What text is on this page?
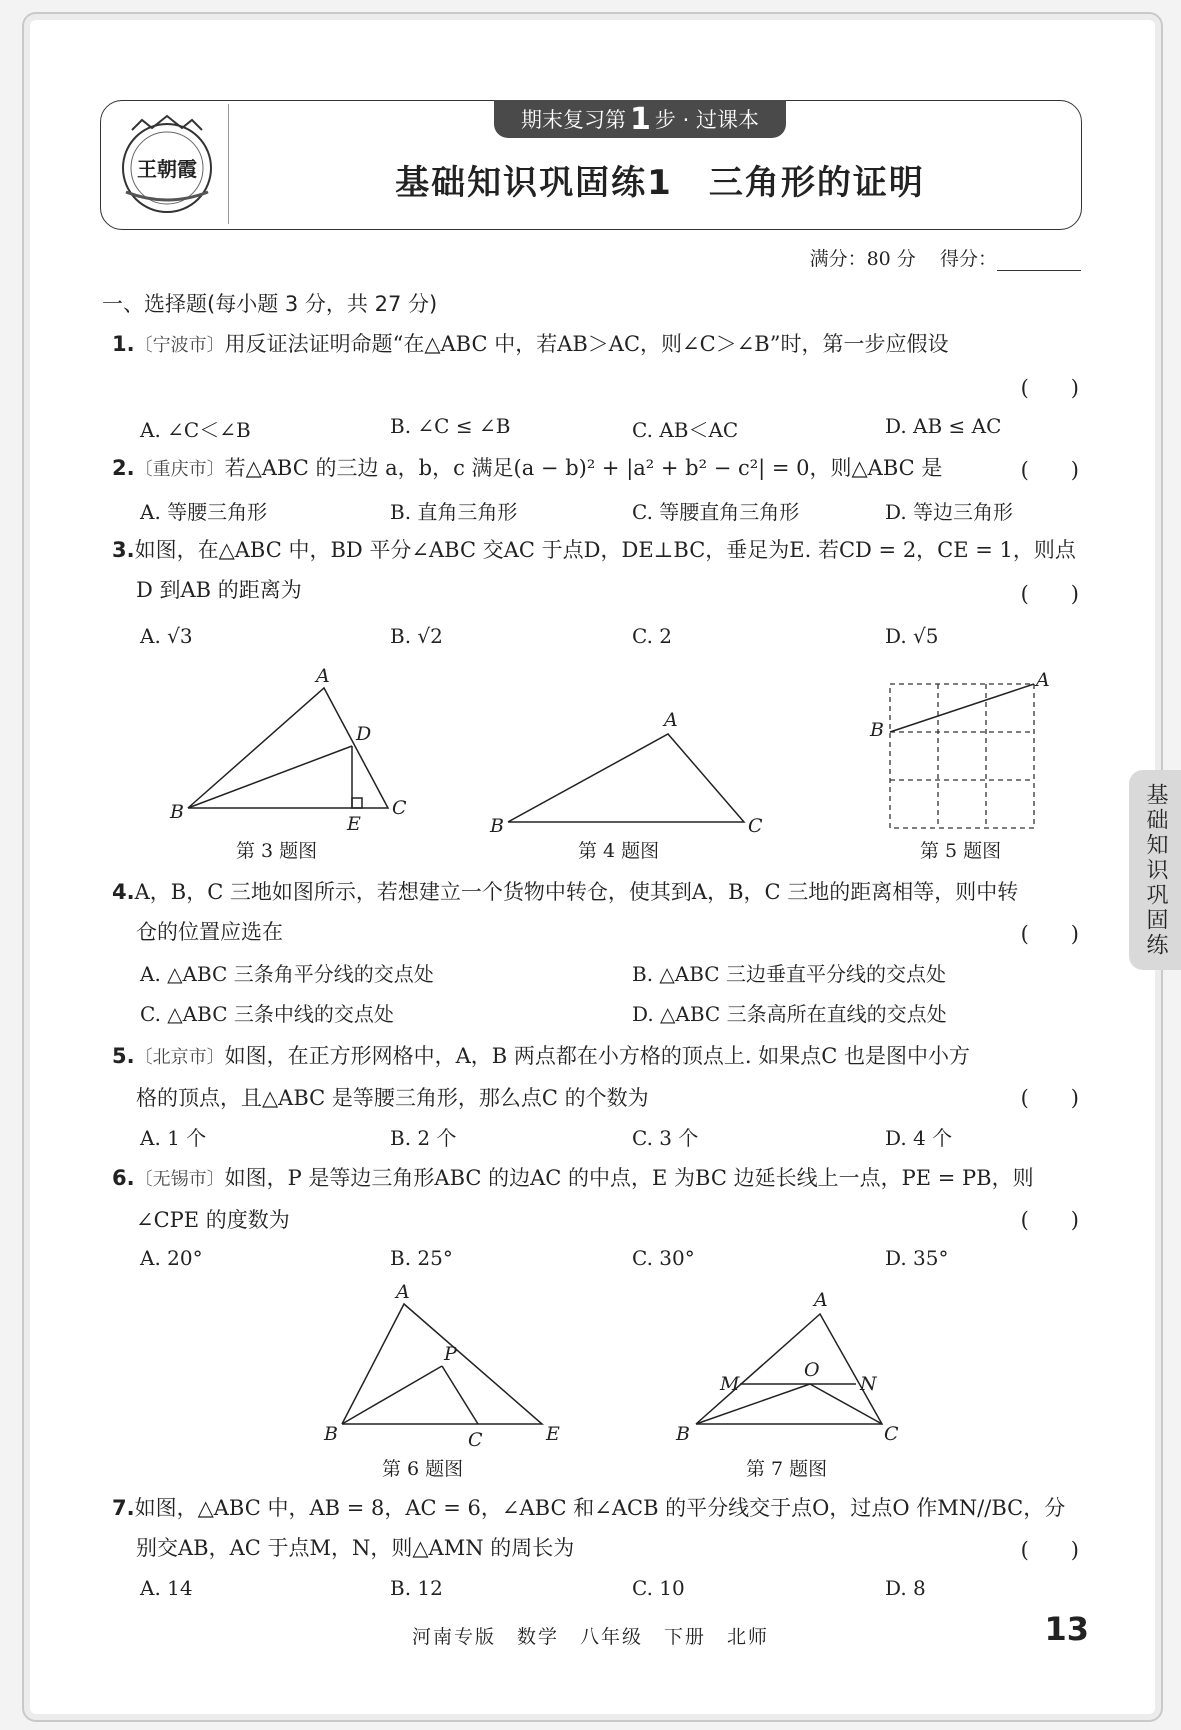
王朝霞
期末复习第 1 步 · 过课本
基础知识巩固练1　三角形的证明
满分：80 分 得分：
基础知识巩固练
一、选择题(每小题 3 分，共 27 分)
1.〔宁波市〕用反证法证明命题“在△ABC 中，若AB＞AC，则∠C＞∠B”时，第一步应假设
(　　)
A. ∠C＜∠B	B. ∠C ≤ ∠B	C. AB＜AC	D. AB ≤ AC
2.〔重庆市〕若△ABC 的三边 a，b，c 满足(a − b)² + |a² + b² − c²| = 0，则△ABC 是	(　　)
A. 等腰三角形	B. 直角三角形	C. 等腰直角三角形	D. 等边三角形
3.如图，在△ABC 中，BD 平分∠ABC 交AC 于点D，DE⊥BC，垂足为E. 若CD = 2，CE = 1，则点
D 到AB 的距离为	(　　)
A. √3	B. √2	C. 2	D. √5
A
D
B	C
E
第 3 题图
A
B	C
第 4 题图
A
B
第 5 题图
4.A，B，C 三地如图所示，若想建立一个货物中转仓，使其到A，B，C 三地的距离相等，则中转
仓的位置应选在	(　　)
A. △ABC 三条角平分线的交点处	B. △ABC 三边垂直平分线的交点处
C. △ABC 三条中线的交点处	D. △ABC 三条高所在直线的交点处
5.〔北京市〕如图，在正方形网格中，A，B 两点都在小方格的顶点上. 如果点C 也是图中小方
格的顶点，且△ABC 是等腰三角形，那么点C 的个数为	(　　)
A. 1 个	B. 2 个	C. 3 个	D. 4 个
6.〔无锡市〕如图，P 是等边三角形ABC 的边AC 的中点，E 为BC 边延长线上一点，PE = PB，则
∠CPE 的度数为	(　　)
A. 20°	B. 25°	C. 30°	D. 35°
A
P
B	C	E
第 6 题图
A
M
O
N
B	C
第 7 题图
7.如图，△ABC 中，AB = 8，AC = 6，∠ABC 和∠ACB 的平分线交于点O，过点O 作MN//BC，分
别交AB，AC 于点M，N，则△AMN 的周长为	(　　)
A. 14	B. 12	C. 10	D. 8
河南专版　数学　八年级　下册　北师	13
